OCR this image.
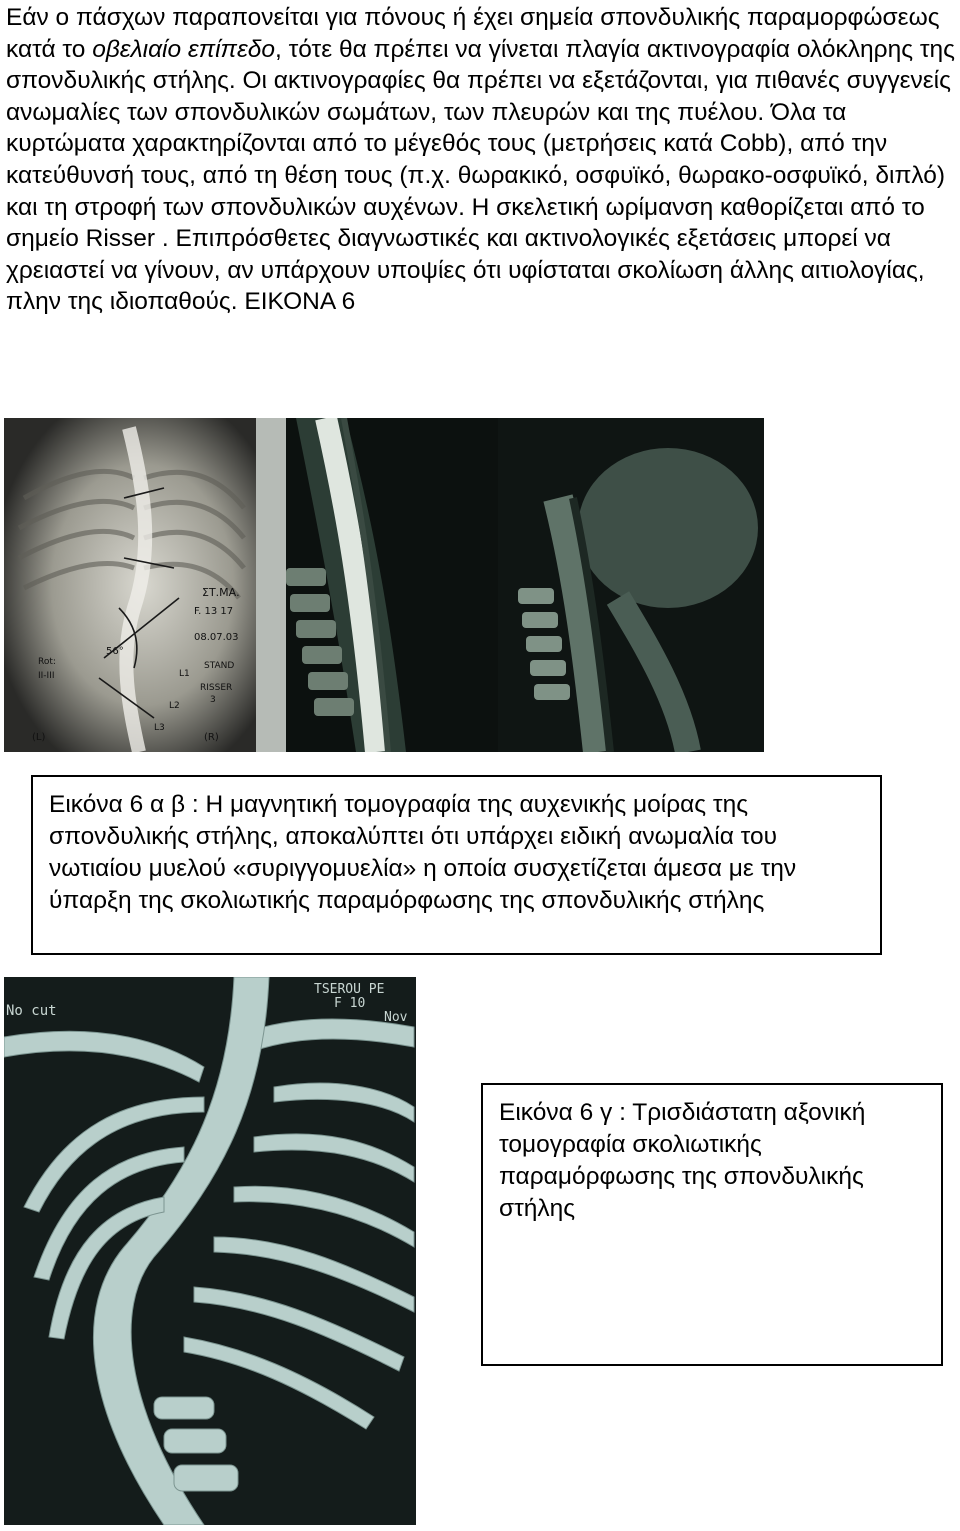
Εάν ο πάσχων παραπονείται για πόνους ή έχει σημεία σπονδυλικής παραμορφώσεως κατά το οβελιαίο επίπεδο, τότε θα πρέπει να γίνεται πλαγία ακτινογραφία ολόκληρης της σπονδυλικής στήλης. Οι ακτινογραφίες θα πρέπει να εξετάζονται, για πιθανές συγγενείς ανωμαλίες των σπονδυλικών σωμάτων, των πλευρών και της πυέλου. Όλα τα κυρτώματα χαρακτηρίζονται από το μέγεθός τους (μετρήσεις κατά Cobb), από την κατεύθυνσή τους, από τη θέση τους (π.χ. θωρακικό, οσφυϊκό, θωρακο-οσφυϊκό, διπλό) και τη στροφή των σπονδυλικών αυχένων. Η σκελετική ωρίμανση καθορίζεται από το σημείο Risser . Επιπρόσθετες διαγνωστικές και ακτινολογικές εξετάσεις μπορεί να χρειαστεί να γίνουν, αν υπάρχουν υποψίες ότι υφίσταται σκολίωση άλλης αιτιολογίας, πλην της ιδιοπαθούς. ΕΙΚΟΝΑ 6

ΣΤ.ΜΑ.
F. 13 17
08.07.03
STAND
RISSER
3
Rot:
II-III
56°
(L)	(R)
L3
L2
L1
Εικόνα 6 α β : Η μαγνητική τομογραφία της αυχενικής μοίρας της σπονδυλικής στήλης, αποκαλύπτει ότι υπάρχει ειδική ανωμαλία του νωτιαίου μυελού «συριγγομυελία» η οποία συσχετίζεται άμεσα με την ύπαρξη της σκολιωτικής παραμόρφωσης της σπονδυλικής στήλης
No cut
TSEROU PE
F 10
Nov
Εικόνα 6 γ : Τρισδιάστατη αξονική τομογραφία σκολιωτικής παραμόρφωσης της σπονδυλικής στήλης
